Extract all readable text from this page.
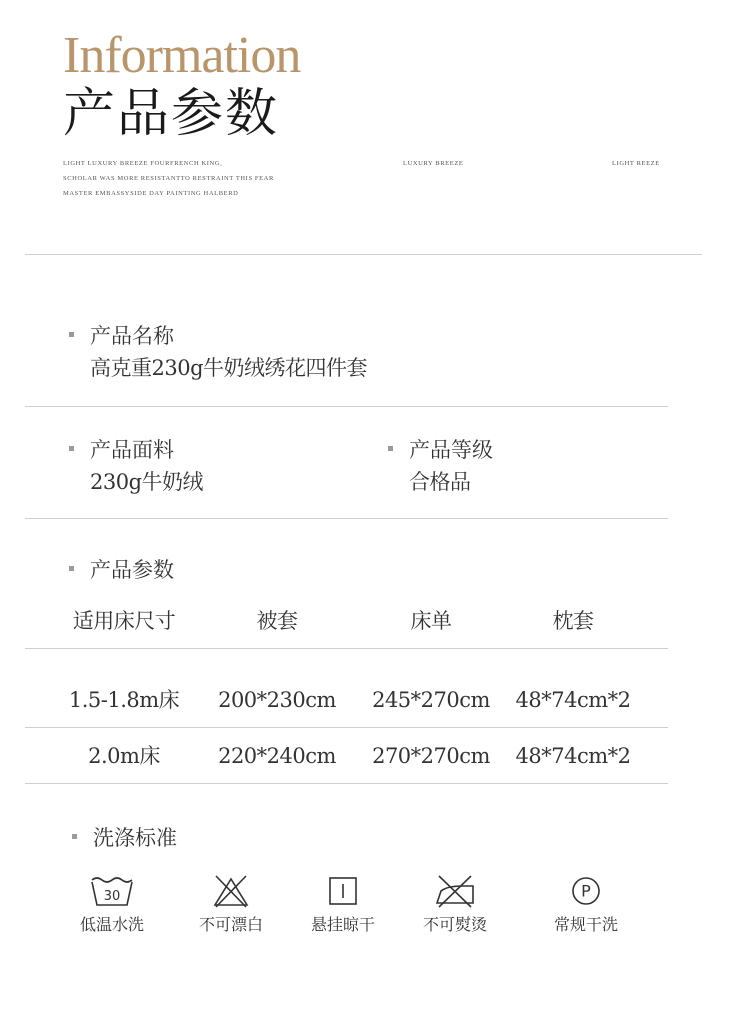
Information
产品参数
LIGHT LUXURY BREEZE FOURFRENCH KING,
SCHOLAR WAS MORE RESISTANTTO RESTRAINT THIS FEAR
MASTER EMBASSYSIDE DAY PAINTING HALBERD
LUXURY BREEZE	LIGHT REEZE
产品名称
高克重230g牛奶绒绣花四件套
产品面料
230g牛奶绒
产品等级
合格品
产品参数
适用床尺寸	被套	床单	枕套
1.5-1.8m床	200*230cm	245*270cm	48*74cm*2
2.0m床	220*240cm	270*270cm	48*74cm*2
洗涤标准
30
低温水洗	不可漂白	悬挂晾干	不可熨烫
P
常规干洗
